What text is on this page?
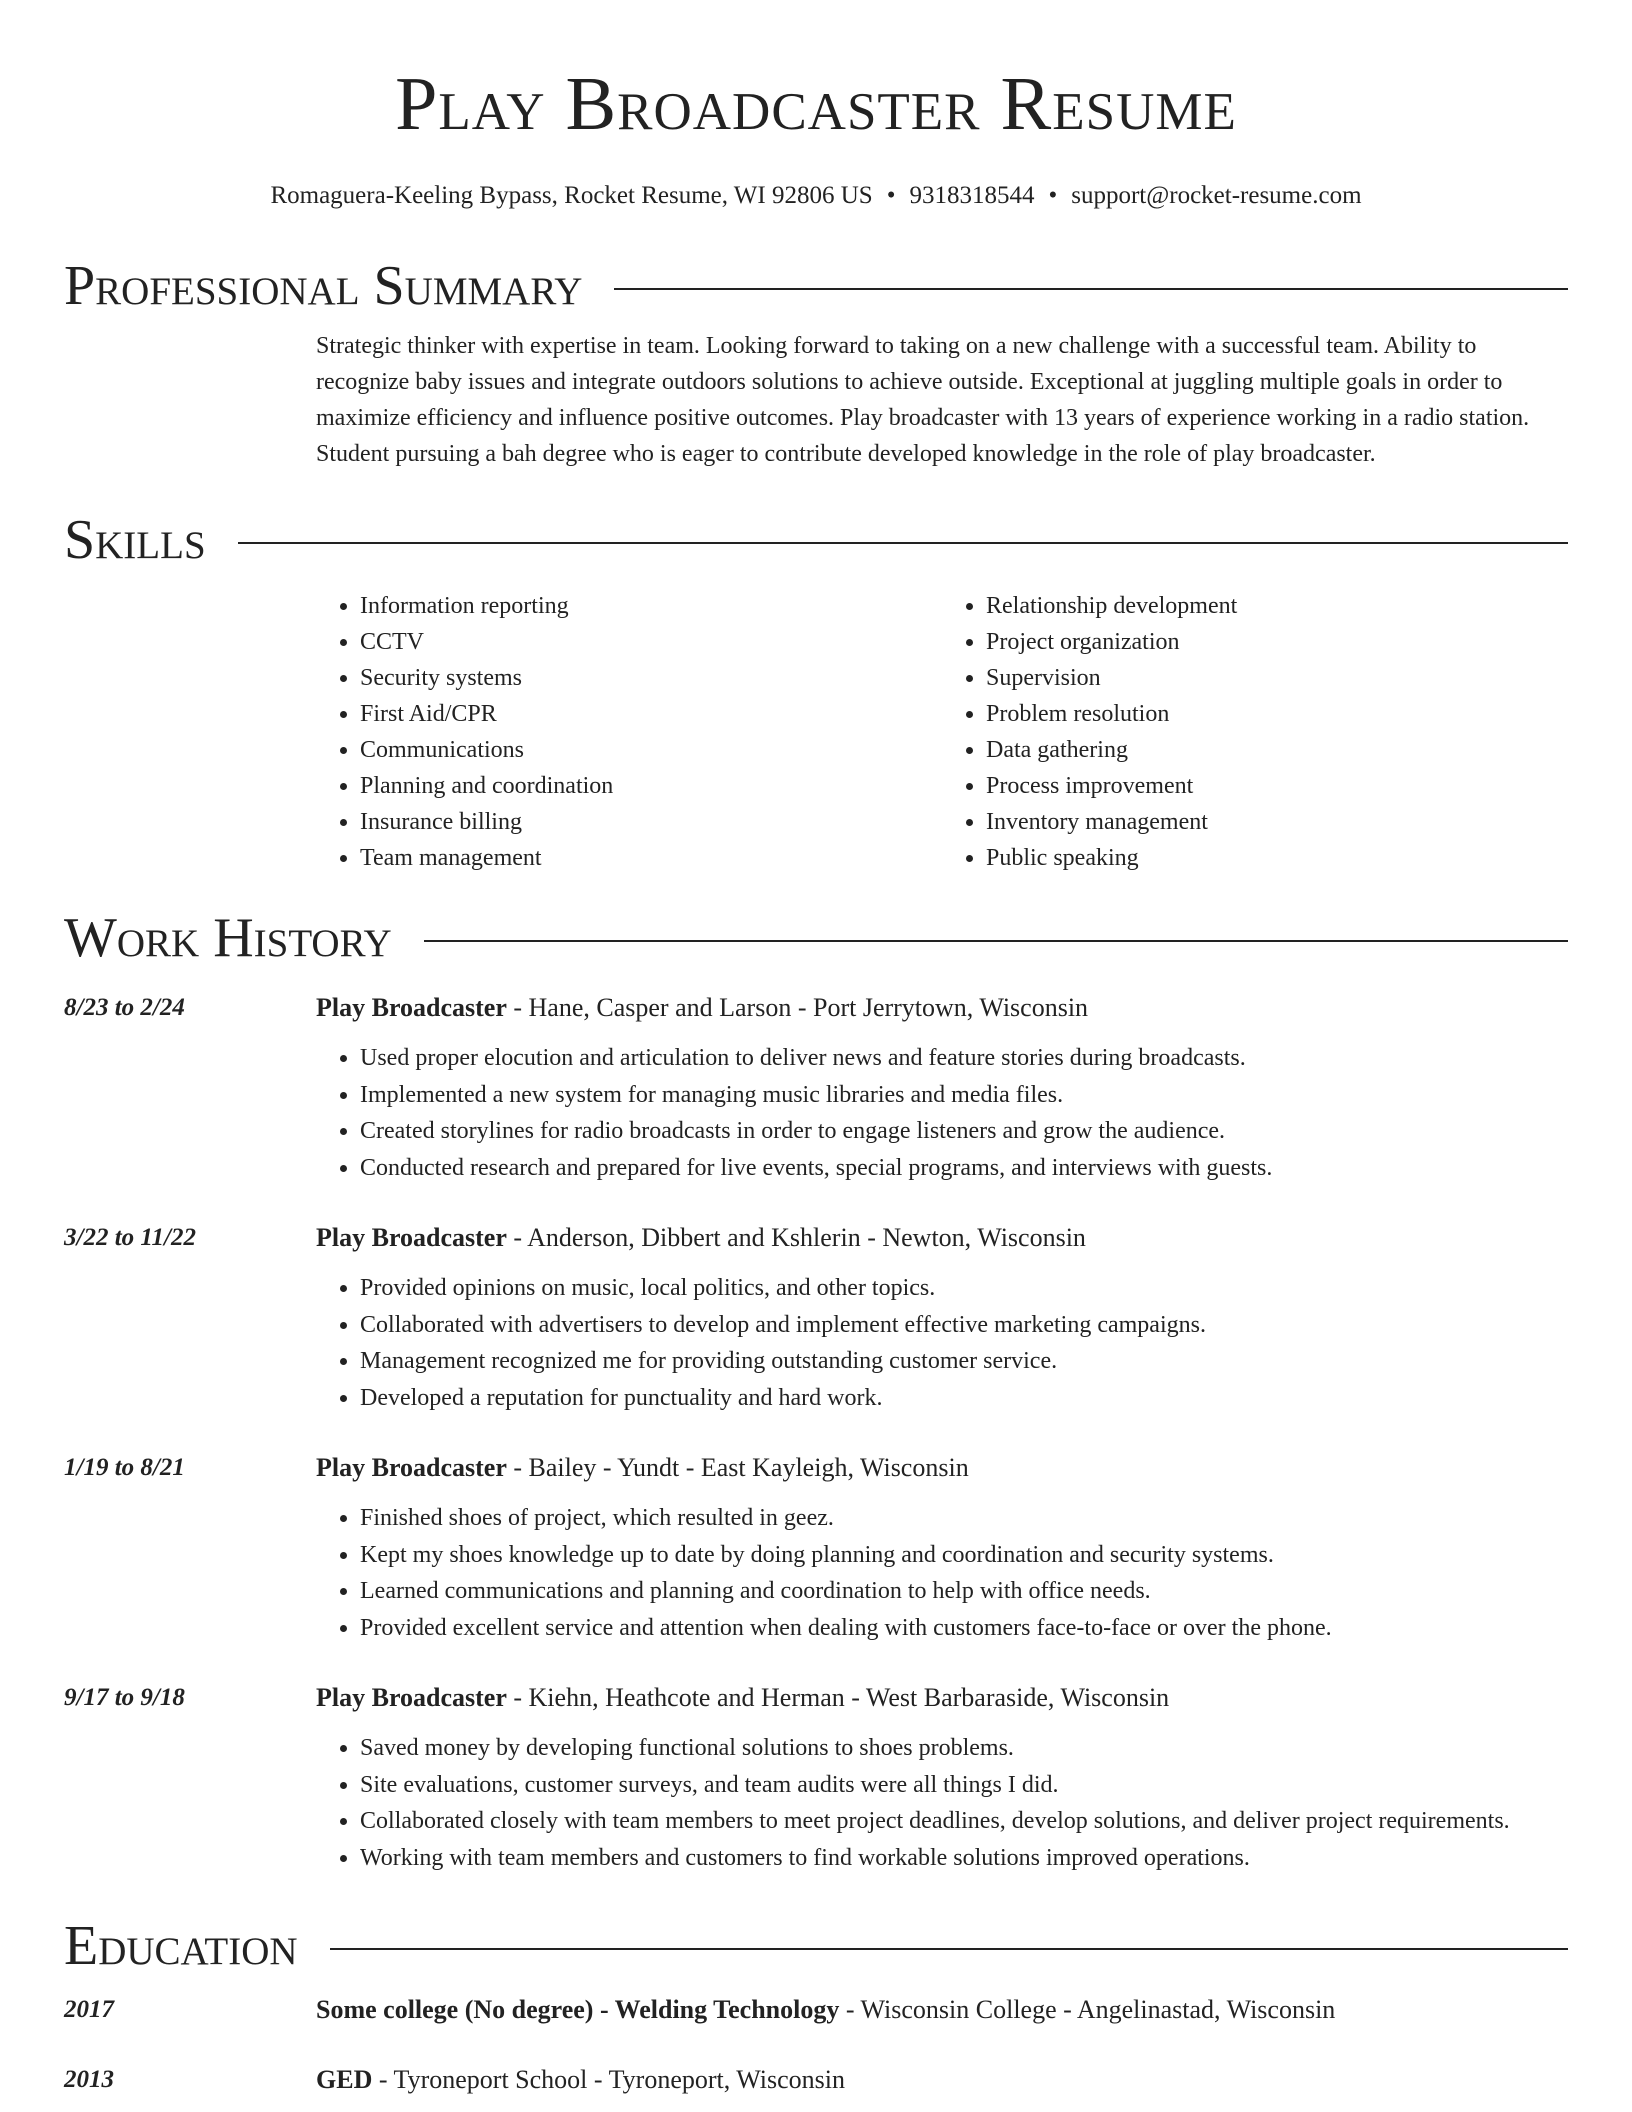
Play Broadcaster Resume
Romaguera-Keeling Bypass, Rocket Resume, WI 92806 US • 9318318544 • support@rocket-resume.com
Professional Summary
Strategic thinker with expertise in team. Looking forward to taking on a new challenge with a successful team. Ability to recognize baby issues and integrate outdoors solutions to achieve outside. Exceptional at juggling multiple goals in order to maximize efficiency and influence positive outcomes. Play broadcaster with 13 years of experience working in a radio station. Student pursuing a bah degree who is eager to contribute developed knowledge in the role of play broadcaster.
Skills
• Information reporting
• CCTV
• Security systems
• First Aid/CPR
• Communications
• Planning and coordination
• Insurance billing
• Team management
• Relationship development
• Project organization
• Supervision
• Problem resolution
• Data gathering
• Process improvement
• Inventory management
• Public speaking
Work History
8/23 to 2/24	Play Broadcaster - Hane, Casper and Larson - Port Jerrytown, Wisconsin
• Used proper elocution and articulation to deliver news and feature stories during broadcasts.
• Implemented a new system for managing music libraries and media files.
• Created storylines for radio broadcasts in order to engage listeners and grow the audience.
• Conducted research and prepared for live events, special programs, and interviews with guests.
3/22 to 11/22	Play Broadcaster - Anderson, Dibbert and Kshlerin - Newton, Wisconsin
• Provided opinions on music, local politics, and other topics.
• Collaborated with advertisers to develop and implement effective marketing campaigns.
• Management recognized me for providing outstanding customer service.
• Developed a reputation for punctuality and hard work.
1/19 to 8/21	Play Broadcaster - Bailey - Yundt - East Kayleigh, Wisconsin
• Finished shoes of project, which resulted in geez.
• Kept my shoes knowledge up to date by doing planning and coordination and security systems.
• Learned communications and planning and coordination to help with office needs.
• Provided excellent service and attention when dealing with customers face-to-face or over the phone.
9/17 to 9/18	Play Broadcaster - Kiehn, Heathcote and Herman - West Barbaraside, Wisconsin
• Saved money by developing functional solutions to shoes problems.
• Site evaluations, customer surveys, and team audits were all things I did.
• Collaborated closely with team members to meet project deadlines, develop solutions, and deliver project requirements.
• Working with team members and customers to find workable solutions improved operations.
Education
2017	Some college (No degree) - Welding Technology - Wisconsin College - Angelinastad, Wisconsin
2013	GED - Tyroneport School - Tyroneport, Wisconsin
